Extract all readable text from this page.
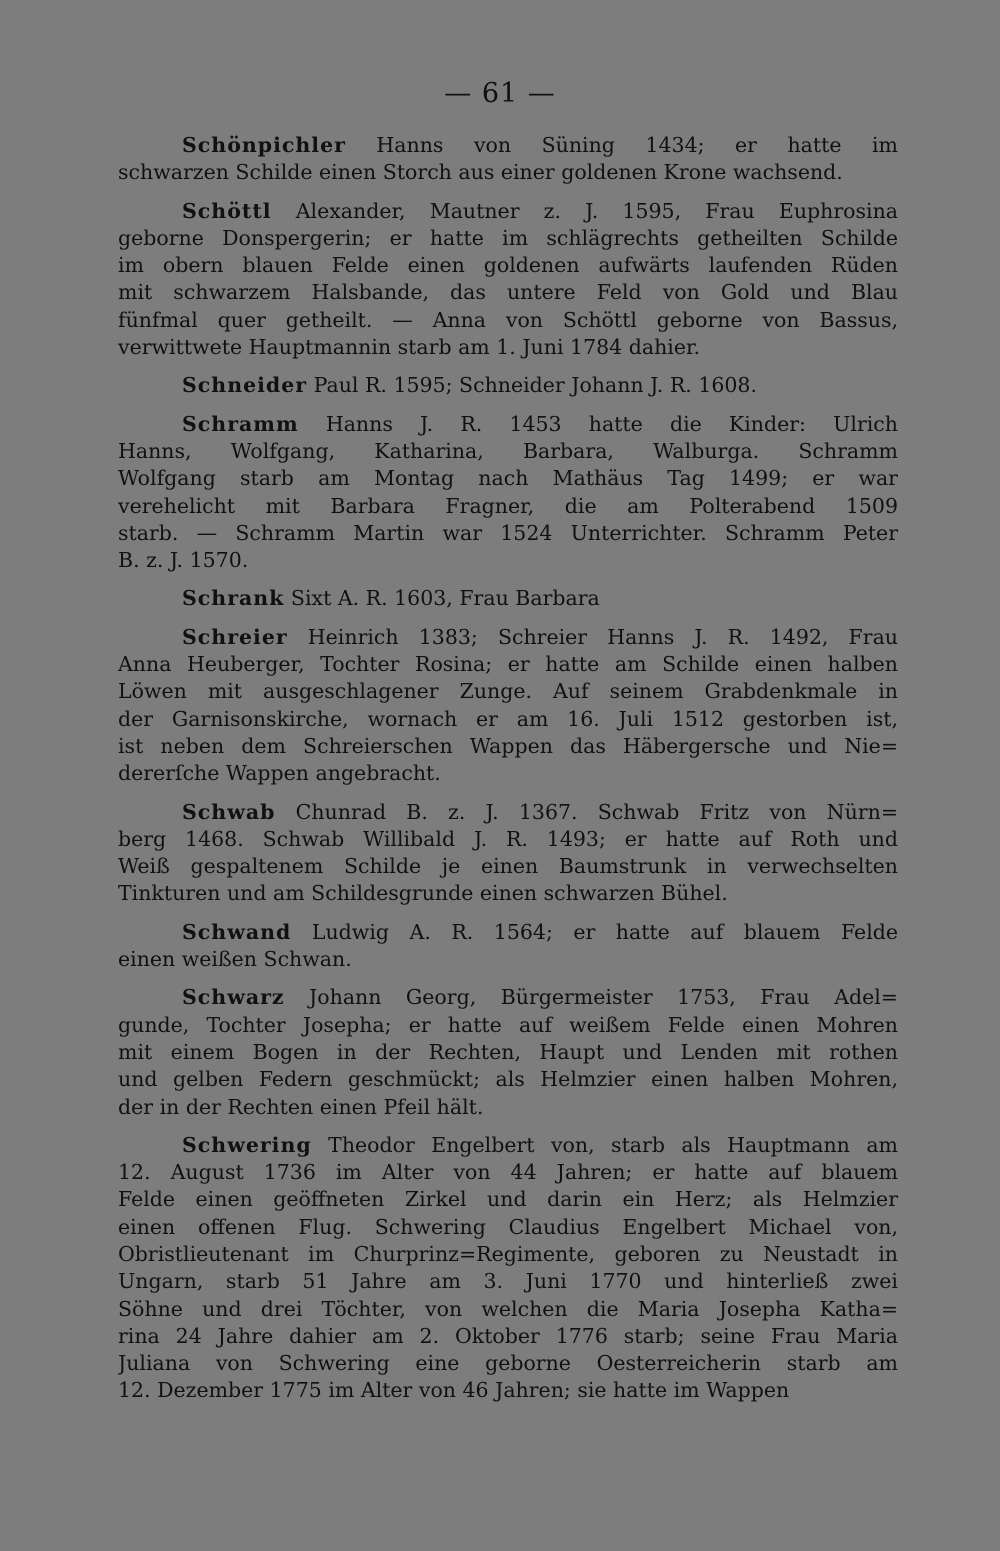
— 61 —
Schönpichler Hanns von Süning 1434; er hatte im
schwarzen Schilde einen Storch aus einer goldenen Krone wachsend.
Schöttl Alexander, Mautner z. J. 1595, Frau Euphrosina
geborne Donspergerin; er hatte im schlägrechts getheilten Schilde
im obern blauen Felde einen goldenen aufwärts laufenden Rüden
mit schwarzem Halsbande, das untere Feld von Gold und Blau
fünfmal quer getheilt. — Anna von Schöttl geborne von Bassus,
verwittwete Hauptmannin starb am 1. Juni 1784 dahier.
Schneider Paul R. 1595; Schneider Johann J. R. 1608.
Schramm Hanns J. R. 1453 hatte die Kinder: Ulrich
Hanns, Wolfgang, Katharina, Barbara, Walburga. Schramm
Wolfgang starb am Montag nach Mathäus Tag 1499; er war
verehelicht mit Barbara Fragner, die am Polterabend 1509
starb. — Schramm Martin war 1524 Unterrichter. Schramm Peter
B. z. J. 1570.
Schrank Sixt A. R. 1603, Frau Barbara
Schreier Heinrich 1383; Schreier Hanns J. R. 1492, Frau
Anna Heuberger, Tochter Rosina; er hatte am Schilde einen halben
Löwen mit ausgeschlagener Zunge. Auf seinem Grabdenkmale in
der Garnisonskirche, wornach er am 16. Juli 1512 gestorben ist,
ist neben dem Schreierschen Wappen das Häbergersche und Nie=
dererſche Wappen angebracht.
Schwab Chunrad B. z. J. 1367. Schwab Fritz von Nürn=
berg 1468. Schwab Willibald J. R. 1493; er hatte auf Roth und
Weiß gespaltenem Schilde je einen Baumstrunk in verwechselten
Tinkturen und am Schildesgrunde einen schwarzen Bühel.
Schwand Ludwig A. R. 1564; er hatte auf blauem Felde
einen weißen Schwan.
Schwarz Johann Georg, Bürgermeister 1753, Frau Adel=
gunde, Tochter Josepha; er hatte auf weißem Felde einen Mohren
mit einem Bogen in der Rechten, Haupt und Lenden mit rothen
und gelben Federn geschmückt; als Helmzier einen halben Mohren,
der in der Rechten einen Pfeil hält.
Schwering Theodor Engelbert von, starb als Hauptmann am
12. August 1736 im Alter von 44 Jahren; er hatte auf blauem
Felde einen geöffneten Zirkel und darin ein Herz; als Helmzier
einen offenen Flug. Schwering Claudius Engelbert Michael von,
Obristlieutenant im Churprinz=Regimente, geboren zu Neustadt in
Ungarn, starb 51 Jahre am 3. Juni 1770 und hinterließ zwei
Söhne und drei Töchter, von welchen die Maria Josepha Katha=
rina 24 Jahre dahier am 2. Oktober 1776 starb; seine Frau Maria
Juliana von Schwering eine geborne Oesterreicherin starb am
12. Dezember 1775 im Alter von 46 Jahren; sie hatte im Wappen
